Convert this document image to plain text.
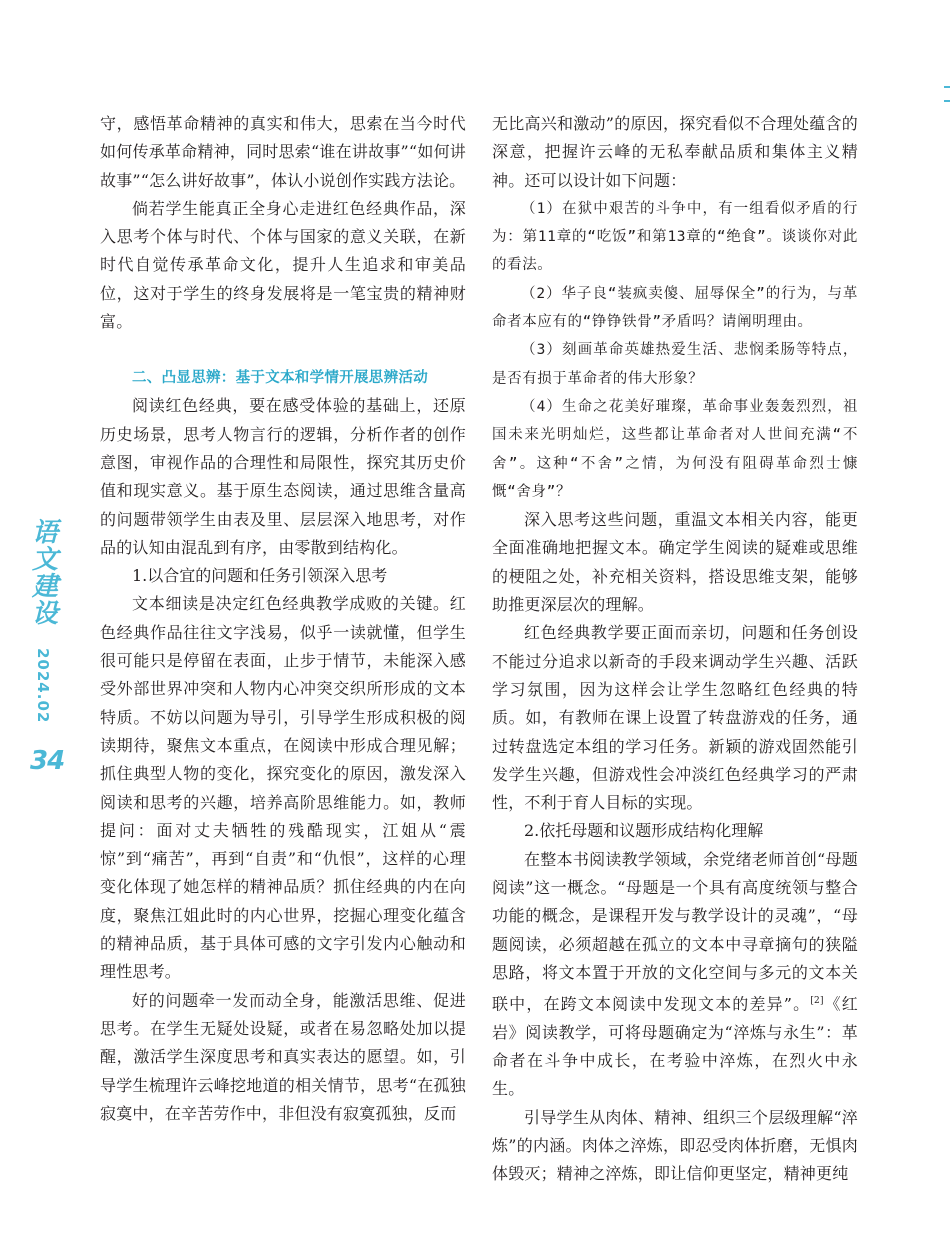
语
文
建
设
2024.02
34

守，感悟革命精神的真实和伟大，思索在当今时代如何传承革命精神，同时思索“谁在讲故事”“如何讲故事”“怎么讲好故事”，体认小说创作实践方法论。

倘若学生能真正全身心走进红色经典作品，深入思考个体与时代、个体与国家的意义关联，在新时代自觉传承革命文化，提升人生追求和审美品位，这对于学生的终身发展将是一笔宝贵的精神财富。

二、凸显思辨：基于文本和学情开展思辨活动

阅读红色经典，要在感受体验的基础上，还原历史场景，思考人物言行的逻辑，分析作者的创作意图，审视作品的合理性和局限性，探究其历史价值和现实意义。基于原生态阅读，通过思维含量高的问题带领学生由表及里、层层深入地思考，对作品的认知由混乱到有序，由零散到结构化。

1.以合宜的问题和任务引领深入思考

文本细读是决定红色经典教学成败的关键。红色经典作品往往文字浅易，似乎一读就懂，但学生很可能只是停留在表面，止步于情节，未能深入感受外部世界冲突和人物内心冲突交织所形成的文本特质。不妨以问题为导引，引导学生形成积极的阅读期待，聚焦文本重点，在阅读中形成合理见解；抓住典型人物的变化，探究变化的原因，激发深入阅读和思考的兴趣，培养高阶思维能力。如，教师提问：面对丈夫牺牲的残酷现实，江姐从“震惊”到“痛苦”，再到“自责”和“仇恨”，这样的心理变化体现了她怎样的精神品质？抓住经典的内在向度，聚焦江姐此时的内心世界，挖掘心理变化蕴含的精神品质，基于具体可感的文字引发内心触动和理性思考。

好的问题牵一发而动全身，能激活思维、促进思考。在学生无疑处设疑，或者在易忽略处加以提醒，激活学生深度思考和真实表达的愿望。如，引导学生梳理许云峰挖地道的相关情节，思考“在孤独寂寞中，在辛苦劳作中，非但没有寂寞孤独，反而

无比高兴和激动”的原因，探究看似不合理处蕴含的深意，把握许云峰的无私奉献品质和集体主义精神。还可以设计如下问题：

（1）在狱中艰苦的斗争中，有一组看似矛盾的行为：第11章的“吃饭”和第13章的“绝食”。谈谈你对此的看法。

（2）华子良“装疯卖傻、屈辱保全”的行为，与革命者本应有的“铮铮铁骨”矛盾吗？请阐明理由。

（3）刻画革命英雄热爱生活、悲悯柔肠等特点，是否有损于革命者的伟大形象？

（4）生命之花美好璀璨，革命事业轰轰烈烈，祖国未来光明灿烂，这些都让革命者对人世间充满“不舍”。这种“不舍”之情，为何没有阻碍革命烈士慷慨“舍身”？

深入思考这些问题，重温文本相关内容，能更全面准确地把握文本。确定学生阅读的疑难或思维的梗阻之处，补充相关资料，搭设思维支架，能够助推更深层次的理解。

红色经典教学要正面而亲切，问题和任务创设不能过分追求以新奇的手段来调动学生兴趣、活跃学习氛围，因为这样会让学生忽略红色经典的特质。如，有教师在课上设置了转盘游戏的任务，通过转盘选定本组的学习任务。新颖的游戏固然能引发学生兴趣，但游戏性会冲淡红色经典学习的严肃性，不利于育人目标的实现。

2.依托母题和议题形成结构化理解

在整本书阅读教学领域，余党绪老师首创“母题阅读”这一概念。“母题是一个具有高度统领与整合功能的概念，是课程开发与教学设计的灵魂”，“母题阅读，必须超越在孤立的文本中寻章摘句的狭隘思路，将文本置于开放的文化空间与多元的文本关联中，在跨文本阅读中发现文本的差异”。[2]《红岩》阅读教学，可将母题确定为“淬炼与永生”：革命者在斗争中成长，在考验中淬炼，在烈火中永生。

引导学生从肉体、精神、组织三个层级理解“淬炼”的内涵。肉体之淬炼，即忍受肉体折磨，无惧肉体毁灭；精神之淬炼，即让信仰更坚定，精神更纯
